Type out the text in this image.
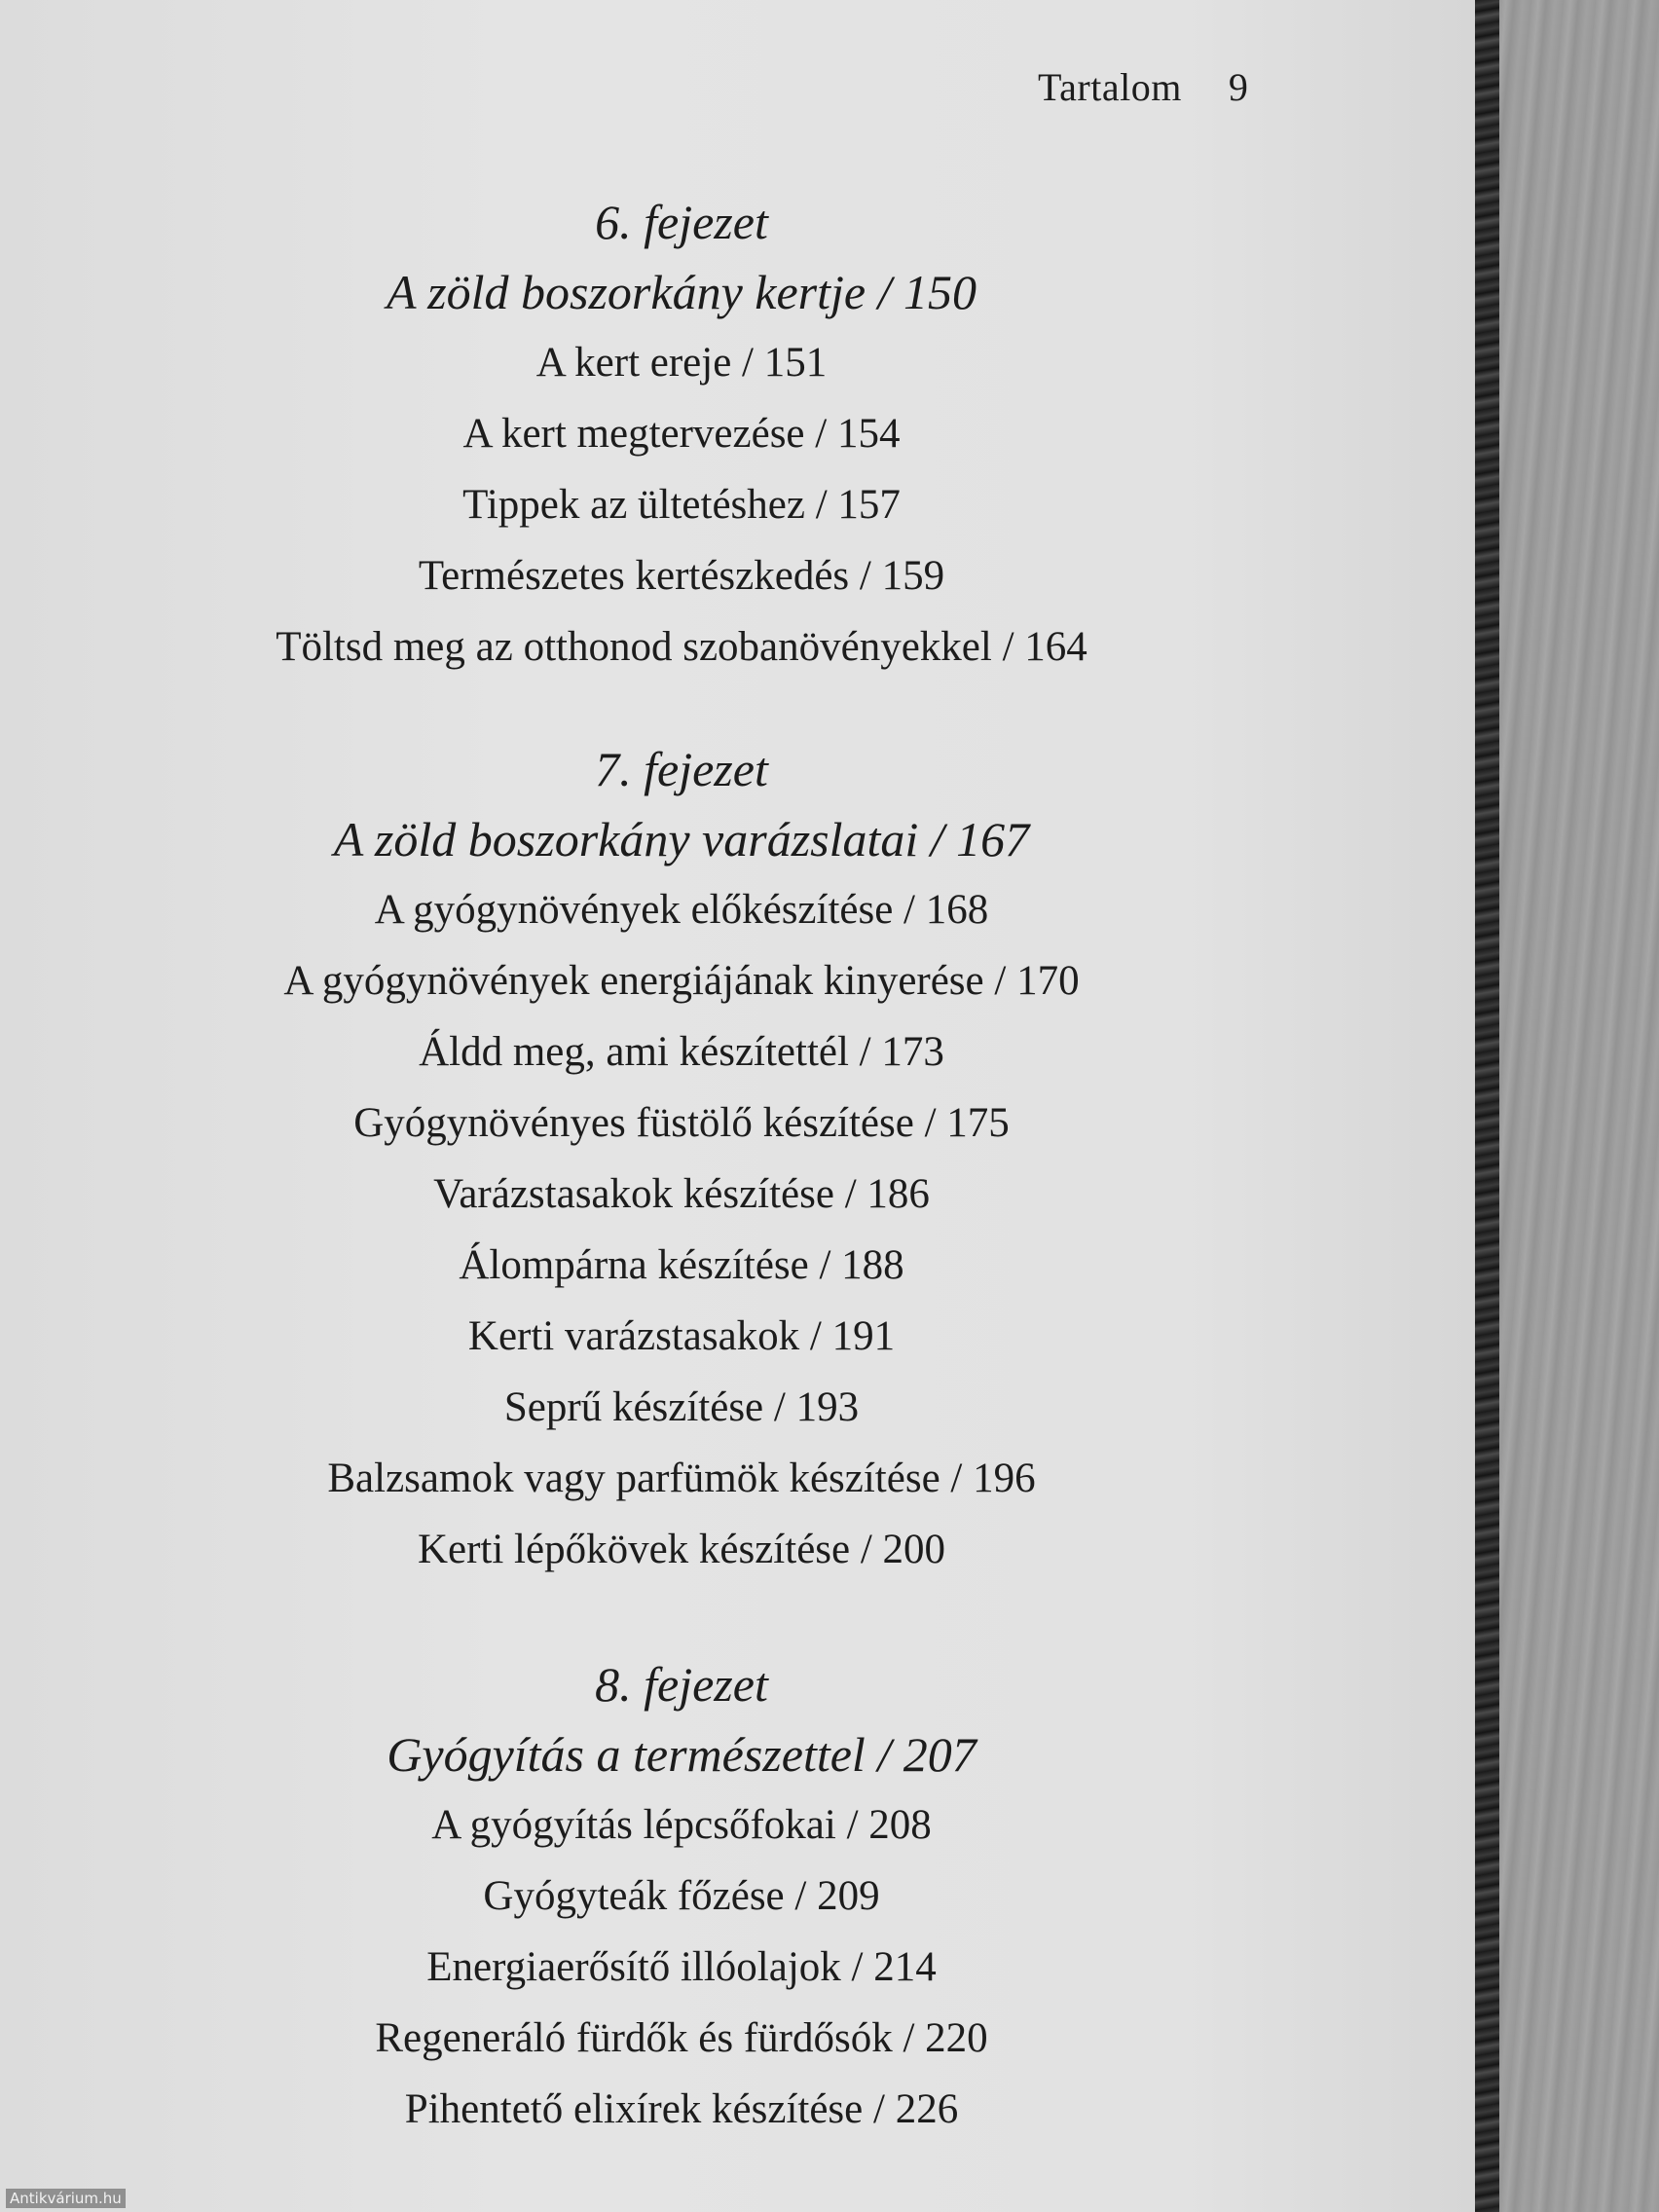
Tartalom 9
6. fejezet
A zöld boszorkány kertje / 150
A kert ereje / 151
A kert megtervezése / 154
Tippek az ültetéshez / 157
Természetes kertészkedés / 159
Töltsd meg az otthonod szobanövényekkel / 164
7. fejezet
A zöld boszorkány varázslatai / 167
A gyógynövények előkészítése / 168
A gyógynövények energiájának kinyerése / 170
Áldd meg, ami készítettél / 173
Gyógynövényes füstölő készítése / 175
Varázstasakok készítése / 186
Álompárna készítése / 188
Kerti varázstasakok / 191
Seprű készítése / 193
Balzsamok vagy parfümök készítése / 196
Kerti lépőkövek készítése / 200
8. fejezet
Gyógyítás a természettel / 207
A gyógyítás lépcsőfokai / 208
Gyógyteák főzése / 209
Energiaerősítő illóolajok / 214
Regeneráló fürdők és fürdősók / 220
Pihentető elixírek készítése / 226
Antikvárium.hu
